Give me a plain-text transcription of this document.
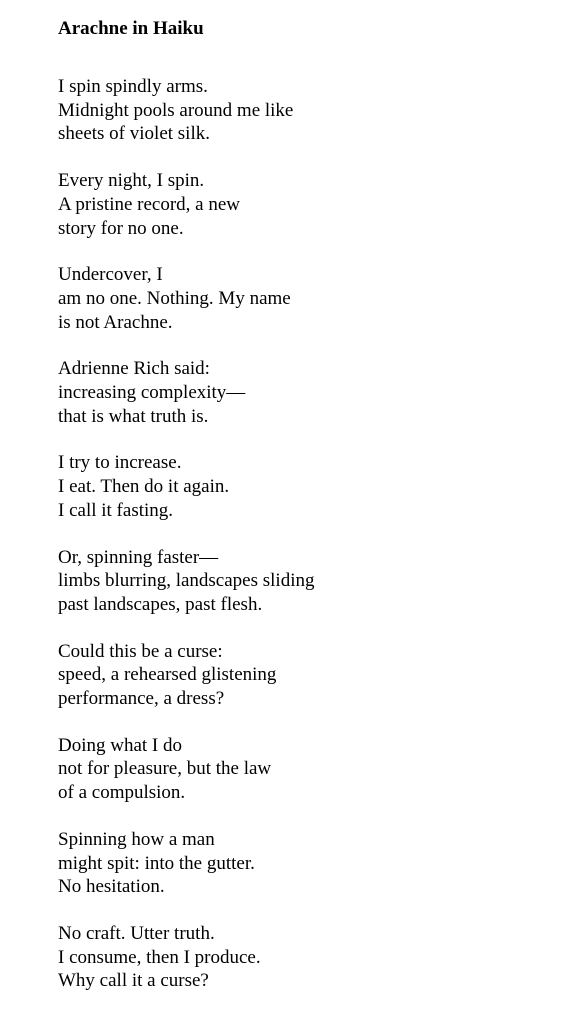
Arachne in Haiku
I spin spindly arms.
Midnight pools around me like
sheets of violet silk.
Every night, I spin.
A pristine record, a new
story for no one.
Undercover, I
am no one. Nothing. My name
is not Arachne.
Adrienne Rich said:
increasing complexity—
that is what truth is.
I try to increase.
I eat. Then do it again.
I call it fasting.
Or, spinning faster—
limbs blurring, landscapes sliding
past landscapes, past flesh.
Could this be a curse:
speed, a rehearsed glistening
performance, a dress?
Doing what I do
not for pleasure, but the law
of a compulsion.
Spinning how a man
might spit: into the gutter.
No hesitation.
No craft. Utter truth.
I consume, then I produce.
Why call it a curse?
